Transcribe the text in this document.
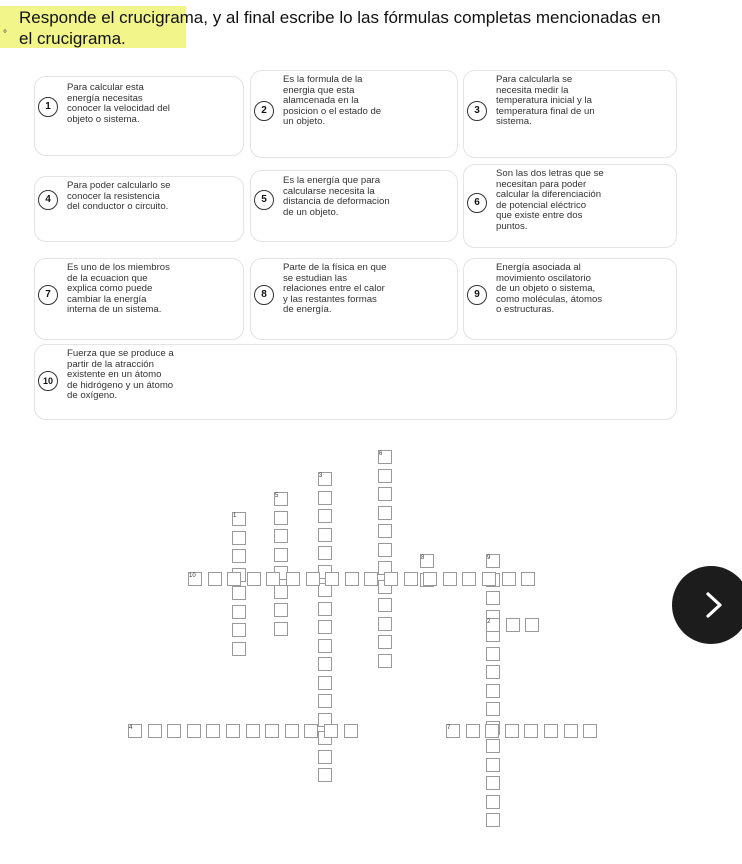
°
Responde el crucigrama, y al final escribe lo las fórmulas completas mencionadas en
el crucigrama.
1
Para calcular esta
energía necesitas
conocer la velocidad del
objeto o sistema.
2
Es la formula de la
energia que esta
alamcenada en la
posicion o el estado de
un objeto.
3
Para calcularla se
necesita medir la
temperatura inicial y la
temperatura final de un
sistema.
4
Para poder calcularlo se
conocer la resistencia
del conductor o circuito.
5
Es la energía que para
calcularse necesita la
distancia de deformacion
de un objeto.
6
Son las dos letras que se
necesitan para poder
calcular la diferenciación
de potencial eléctrico
que existe entre dos
puntos.
7
Es uno de los miembros
de la ecuacion que
explica como puede
cambiar la energía
interna de un sistema.
8
Parte de la física en que
se estudian las
relaciones entre el calor
y las restantes formas
de energía.
9
Energía asociada al
movimiento oscilatorio
de un objeto o sistema,
como moléculas, átomos
o estructuras.
10
Fuerza que se produce a
partir de la atracción
existente en un átomo
de hidrógeno y un átomo
de oxígeno.
1
2
3
4
5
6
7
8	9
10
